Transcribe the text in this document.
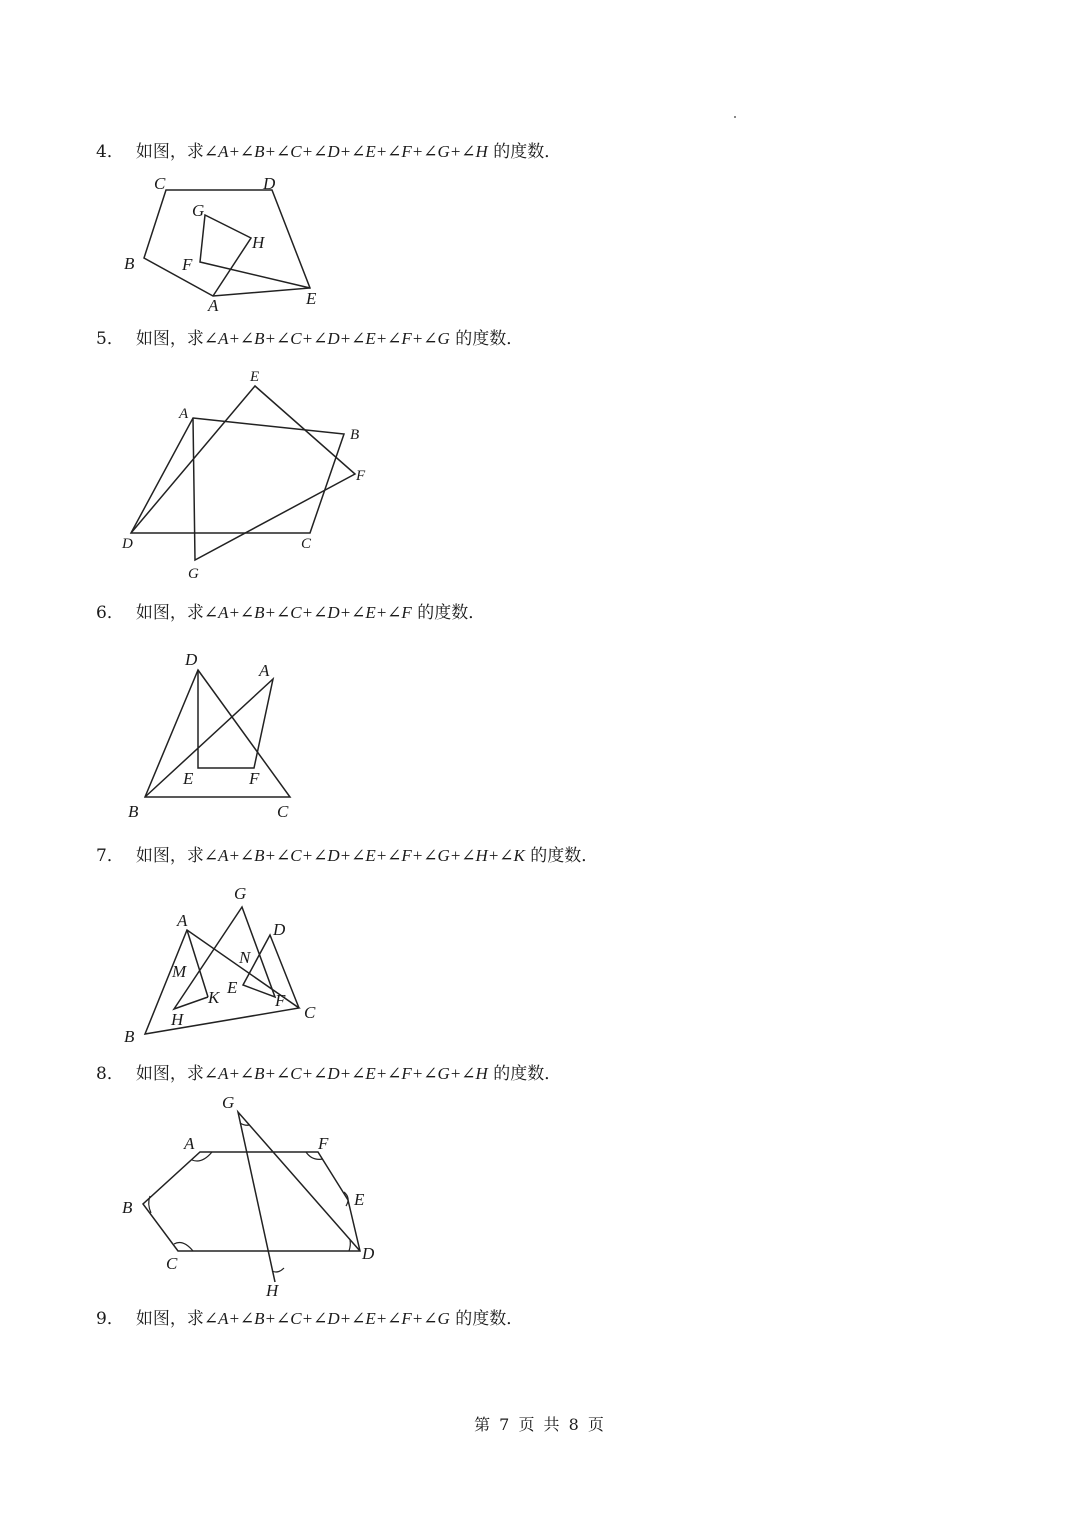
4． 如图，求∠A+∠B+∠C+∠D+∠E+∠F+∠G+∠H 的度数．
C	D
G
H
B	F
A	E
5． 如图，求∠A+∠B+∠C+∠D+∠E+∠F+∠G 的度数．
E
A
B
F
D	C
G
6． 如图，求∠A+∠B+∠C+∠D+∠E+∠F 的度数．
D
A
E	F
B	C
7． 如图，求∠A+∠B+∠C+∠D+∠E+∠F+∠G+∠H+∠K 的度数．
G
A	D
N
M
E
K	F
H	C
B
8． 如图，求∠A+∠B+∠C+∠D+∠E+∠F+∠G+∠H 的度数．
G
A	F
B	E
C
D
H
9． 如图，求∠A+∠B+∠C+∠D+∠E+∠F+∠G 的度数．
第 7 页 共 8 页
